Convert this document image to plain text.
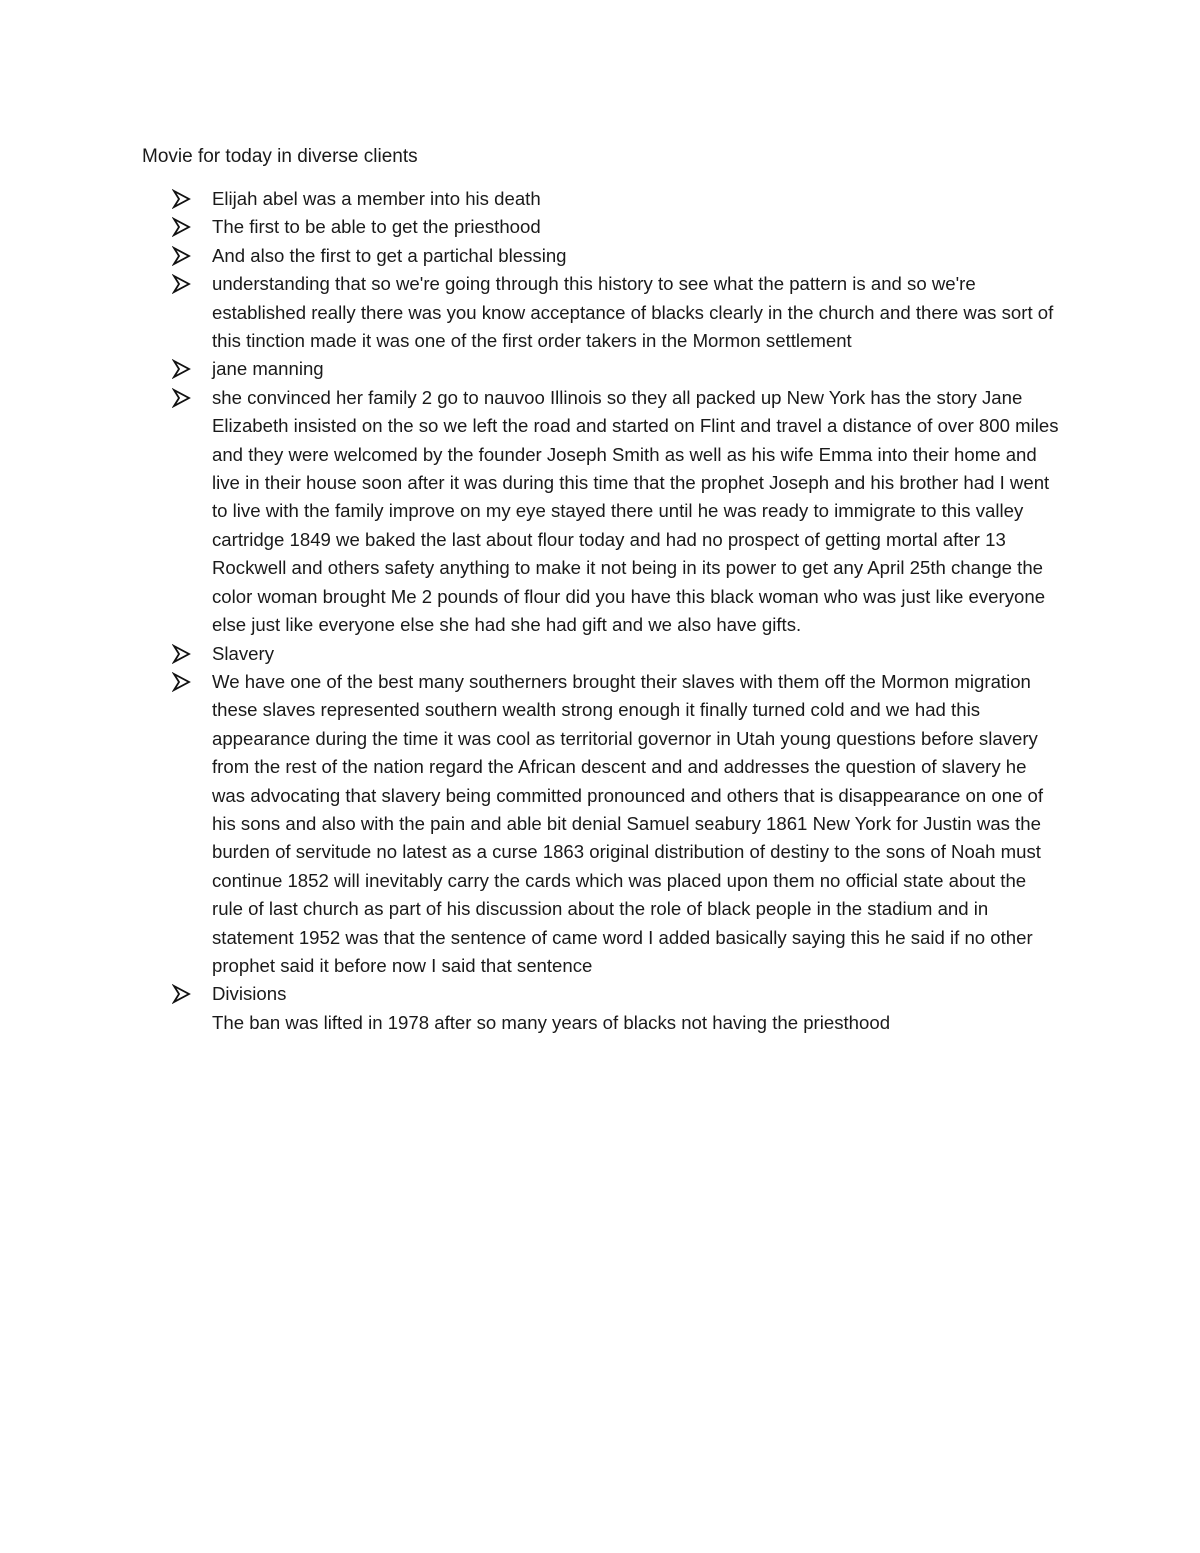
Movie for today in diverse clients
Elijah abel was a member into his death
The first to be able to get the priesthood
And also the first to get a partichal blessing
understanding that so we're going through this history to see what the pattern is and so we're established really there was you know acceptance of blacks clearly in the church and there was sort of this tinction made it was one of the first order takers in the Mormon settlement
jane manning
she convinced her family 2 go to nauvoo Illinois so they all packed up New York has the story Jane Elizabeth insisted on the so we left the road and started on Flint and travel a distance of over 800 miles and they were welcomed by the founder Joseph Smith as well as his wife Emma into their home and live in their house soon after it was during this time that the prophet Joseph and his brother had I went to live with the family improve on my eye stayed there until he was ready to immigrate to this valley cartridge 1849 we baked the last about flour today and had no prospect of getting mortal after 13 Rockwell and others safety anything to make it not being in its power to get any April 25th change the color woman brought Me 2 pounds of flour did you have this black woman who was just like everyone else just like everyone else she had she had gift and we also have gifts.
Slavery
We have one of the best many southerners brought their slaves with them off the Mormon migration these slaves represented southern wealth strong enough it finally turned cold and we had this appearance during the time it was cool as territorial governor in Utah young questions before slavery from the rest of the nation regard the African descent and and addresses the question of slavery he was advocating that slavery being committed pronounced and others that is disappearance on one of his sons and also with the pain and able bit denial Samuel seabury 1861 New York for Justin was the burden of servitude no latest as a curse 1863 original distribution of destiny to the sons of Noah must continue 1852 will inevitably carry the cards which was placed upon them no official state about the rule of last church as part of his discussion about the role of black people in the stadium and in statement 1952 was that the sentence of came word I added basically saying this he said if no other prophet said it before now I said that sentence
Divisions
The ban was lifted in 1978 after so many years of blacks not having the priesthood
